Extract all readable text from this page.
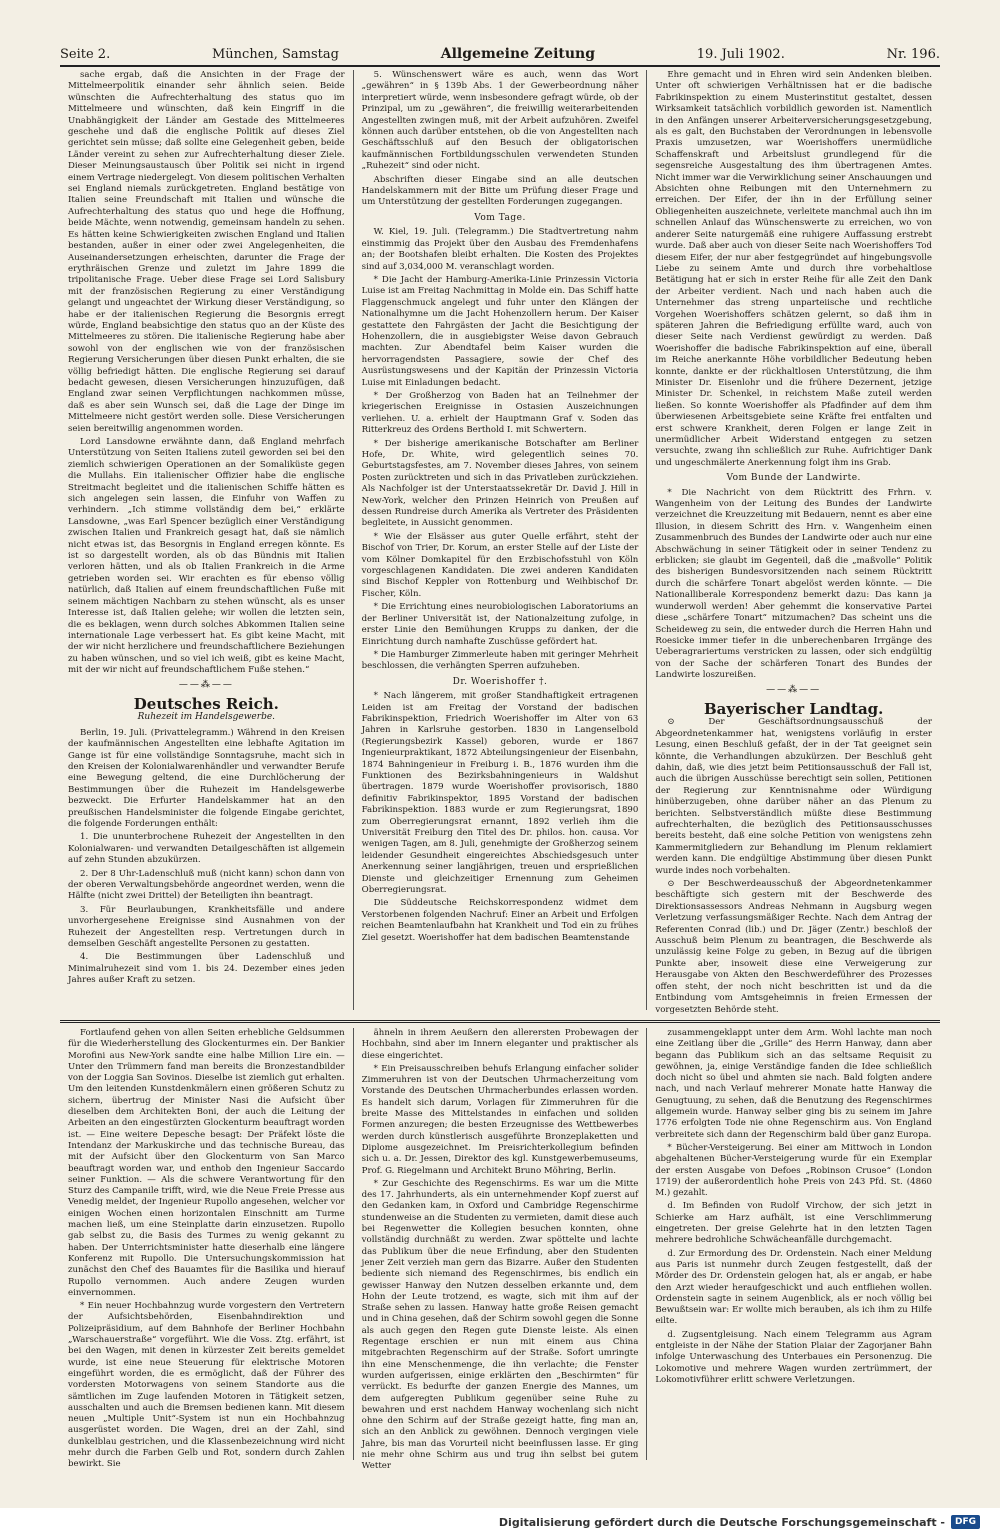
Seite 2.	München, Samstag	Allgemeine Zeitung	19. Juli 1902.	Nr. 196.

sache ergab, daß die Ansichten in der Frage der Mittelmeerpolitik einander sehr ähnlich seien. Beide wünschten die Aufrechterhaltung des status quo im Mittelmeere und wünschten, daß kein Eingriff in die Unabhängigkeit der Länder am Gestade des Mittelmeeres geschehe und daß die englische Politik auf dieses Ziel gerichtet sein müsse; daß sollte eine Gelegenheit geben, beide Länder vereint zu sehen zur Aufrechterhaltung dieser Ziele. Dieser Meinungsaustausch über Politik sei nicht in irgend einem Vertrage niedergelegt. Von diesem politischen Verhalten sei England niemals zurückgetreten. England bestätige von Italien seine Freundschaft mit Italien und wünsche die Aufrechterhaltung des status quo und hege die Hoffnung, beide Mächte, wenn notwendig, gemeinsam handeln zu sehen. Es hätten keine Schwierigkeiten zwischen England und Italien bestanden, außer in einer oder zwei Angelegenheiten, die Auseinandersetzungen erheischten, darunter die Frage der erythräischen Grenze und zuletzt im Jahre 1899 die tripolitanische Frage. Ueber diese Frage sei Lord Salisbury mit der französischen Regierung zu einer Verständigung gelangt und ungeachtet der Wirkung dieser Verständigung, so habe er der italienischen Regierung die Besorgnis erregt würde, England beabsichtige den status quo an der Küste des Mittelmeeres zu stören. Die italienische Regierung habe aber sowohl von der englischen wie von der französischen Regierung Versicherungen über diesen Punkt erhalten, die sie völlig befriedigt hätten. Die englische Regierung sei darauf bedacht gewesen, diesen Versicherungen hinzuzufügen, daß England zwar seinen Verpflichtungen nachkommen müsse, daß es aber sein Wunsch sei, daß die Lage der Dinge im Mittelmeere nicht gestört werden solle. Diese Versicherungen seien bereitwillig angenommen worden.

Lord Lansdowne erwähnte dann, daß England mehrfach Unterstützung von Seiten Italiens zuteil geworden sei bei den ziemlich schwierigen Operationen an der Somaliküste gegen die Mullahs. Ein italienischer Offizier habe die englische Streitmacht begleitet und die italienischen Schiffe hätten es sich angelegen sein lassen, die Einfuhr von Waffen zu verhindern. „Ich stimme vollständig dem bei,“ erklärte Lansdowne, „was Earl Spencer bezüglich einer Verständigung zwischen Italien und Frankreich gesagt hat, daß sie nämlich nicht etwas ist, das Besorgnis in England erregen könnte. Es ist so dargestellt worden, als ob das Bündnis mit Italien verloren hätten, und als ob Italien Frankreich in die Arme getrieben worden sei. Wir erachten es für ebenso völlig natürlich, daß Italien auf einem freundschaftlichen Fuße mit seinem mächtigen Nachbarn zu stehen wünscht, als es unser Interesse ist, daß Italien gelehe; wir wollen die letzten sein, die es beklagen, wenn durch solches Abkommen Italien seine internationale Lage verbessert hat. Es gibt keine Macht, mit der wir nicht herzlichere und freundschaftlichere Beziehungen zu haben wünschen, und so viel ich weiß, gibt es keine Macht, mit der wir nicht auf freundschaftlichem Fuße stehen.“

——⁂——
Deutsches Reich.
Ruhezeit im Handelsgewerbe.

Berlin, 19. Juli. (Privattelegramm.) Während in den Kreisen der kaufmännischen Angestellten eine lebhafte Agitation im Gange ist für eine vollständige Sonntagsruhe, macht sich in den Kreisen der Kolonialwarenhändler und verwandter Berufe eine Bewegung geltend, die eine Durchlöcherung der Bestimmungen über die Ruhezeit im Handelsgewerbe bezweckt. Die Erfurter Handelskammer hat an den preußischen Handelsminister die folgende Eingabe gerichtet, die folgende Forderungen enthält:

1. Die ununterbrochene Ruhezeit der Angestellten in den Kolonialwaren- und verwandten Detailgeschäften ist allgemein auf zehn Stunden abzukürzen.

2. Der 8 Uhr-Ladenschluß muß (nicht kann) schon dann von der oberen Verwaltungsbehörde angeordnet werden, wenn die Hälfte (nicht zwei Drittel) der Beteiligten ihn beantragt.

3. Für Beurlaubungen, Krankheitsfälle und andere unvorhergesehene Ereignisse sind Ausnahmen von der Ruhezeit der Angestellten resp. Vertretungen durch in demselben Geschäft angestellte Personen zu gestatten.

4. Die Bestimmungen über Ladenschluß und Minimalruhezeit sind vom 1. bis 24. Dezember eines jeden Jahres außer Kraft zu setzen.

5. Wünschenswert wäre es auch, wenn das Wort „gewähren“ in § 139b Abs. 1 der Gewerbeordnung näher interpretiert würde, wenn insbesondere gefragt würde, ob der Prinzipal, um zu „gewähren“, die freiwillig weiterarbeitenden Angestellten zwingen muß, mit der Arbeit aufzuhören. Zweifel können auch darüber entstehen, ob die von Angestellten nach Geschäftsschluß auf den Besuch der obligatorischen kaufmännischen Fortbildungsschulen verwendeten Stunden „Ruhezeit“ sind oder nicht.

Abschriften dieser Eingabe sind an alle deutschen Handelskammern mit der Bitte um Prüfung dieser Frage und um Unterstützung der gestellten Forderungen zugegangen.

Vom Tage.

W. Kiel, 19. Juli. (Telegramm.) Die Stadtvertretung nahm einstimmig das Projekt über den Ausbau des Fremdenhafens an; der Bootshafen bleibt erhalten. Die Kosten des Projektes sind auf 3,034,000 M. veranschlagt worden.

* Die Jacht der Hamburg-Amerika-Linie Prinzessin Victoria Luise ist am Freitag Nachmittag in Molde ein. Das Schiff hatte Flaggenschmuck angelegt und fuhr unter den Klängen der Nationalhymne um die Jacht Hohenzollern herum. Der Kaiser gestattete den Fahrgästen der Jacht die Besichtigung der Hohenzollern, die in ausgiebigster Weise davon Gebrauch machten. Zur Abendtafel beim Kaiser wurden die hervorragendsten Passagiere, sowie der Chef des Ausrüstungswesens und der Kapitän der Prinzessin Victoria Luise mit Einladungen bedacht.

* Der Großherzog von Baden hat an Teilnehmer der kriegerischen Ereignisse in Ostasien Auszeichnungen verliehen. U. a. erhielt der Hauptmann Graf v. Soden das Ritterkreuz des Ordens Berthold I. mit Schwertern.

* Der bisherige amerikanische Botschafter am Berliner Hofe, Dr. White, wird gelegentlich seines 70. Geburtstagsfestes, am 7. November dieses Jahres, von seinem Posten zurücktreten und sich in das Privatleben zurückziehen. Als Nachfolger ist der Unterstaatssekretär Dr. David J. Hill in New-York, welcher den Prinzen Heinrich von Preußen auf dessen Rundreise durch Amerika als Vertreter des Präsidenten begleitete, in Aussicht genommen.

* Wie der Elsässer aus guter Quelle erfährt, steht der Bischof von Trier, Dr. Korum, an erster Stelle auf der Liste der vom Kölner Domkapitel für den Erzbischofsstuhl von Köln vorgeschlagenen Kandidaten. Die zwei anderen Kandidaten sind Bischof Keppler von Rottenburg und Weihbischof Dr. Fischer, Köln.

* Die Errichtung eines neurobiologischen Laboratoriums an der Berliner Universität ist, der Nationalzeitung zufolge, in erster Linie den Bemühungen Krupps zu danken, der die Einrichtung durch namhafte Zuschüsse gefördert hat.

* Die Hamburger Zimmerleute haben mit geringer Mehrheit beschlossen, die verhängten Sperren aufzuheben.

Dr. Woerishoffer †.

* Nach längerem, mit großer Standhaftigkeit ertragenen Leiden ist am Freitag der Vorstand der badischen Fabrikinspektion, Friedrich Woerishoffer im Alter von 63 Jahren in Karlsruhe gestorben. 1830 in Langenselbold (Regierungsbezirk Kassel) geboren, wurde er 1867 Ingenieurpraktikant, 1872 Abteilungsingenieur der Eisenbahn, 1874 Bahningenieur in Freiburg i. B., 1876 wurden ihm die Funktionen des Bezirksbahningenieurs in Waldshut übertragen. 1879 wurde Woerishoffer provisorisch, 1880 definitiv Fabrikinspektor, 1895 Vorstand der badischen Fabrikinspektion. 1883 wurde er zum Regierungsrat, 1890 zum Oberregierungsrat ernannt, 1892 verlieh ihm die Universität Freiburg den Titel des Dr. philos. hon. causa. Vor wenigen Tagen, am 8. Juli, genehmigte der Großherzog seinem leidender Gesundheit eingereichtes Abschiedsgesuch unter Anerkennung seiner langjährigen, treuen und ersprießlichen Dienste und gleichzeitiger Ernennung zum Geheimen Oberregierungsrat.

Die Süddeutsche Reichskorrespondenz widmet dem Verstorbenen folgenden Nachruf: Einer an Arbeit und Erfolgen reichen Beamtenlaufbahn hat Krankheit und Tod ein zu frühes Ziel gesetzt. Woerishoffer hat dem badischen Beamtenstande

Ehre gemacht und in Ehren wird sein Andenken bleiben. Unter oft schwierigen Verhältnissen hat er die badische Fabrikinspektion zu einem Musterinstitut gestaltet, dessen Wirksamkeit tatsächlich vorbildlich geworden ist. Namentlich in den Anfängen unserer Arbeiterversicherungsgesetzgebung, als es galt, den Buchstaben der Verordnungen in lebensvolle Praxis umzusetzen, war Woerishoffers unermüdliche Schaffenskraft und Arbeitslust grundlegend für die segensreiche Ausgestaltung des ihm übertragenen Amtes. Nicht immer war die Verwirklichung seiner Anschauungen und Absichten ohne Reibungen mit den Unternehmern zu erreichen. Der Eifer, der ihn in der Erfüllung seiner Obliegenheiten auszeichnete, verleitete manchmal auch ihn im schnellen Anlauf das Wünschenswerte zu erreichen, wo von anderer Seite naturgemäß eine ruhigere Auffassung erstrebt wurde. Daß aber auch von dieser Seite nach Woerishoffers Tod diesem Eifer, der nur aber festgegründet auf hingebungsvolle Liebe zu seinem Amte und durch ihre vorbehaltlose Betätigung hat er sich in erster Reihe für alle Zeit den Dank der Arbeiter verdient. Nach und nach haben auch die Unternehmer das streng unparteiische und rechtliche Vorgehen Woerishoffers schätzen gelernt, so daß ihm in späteren Jahren die Befriedigung erfüllte ward, auch von dieser Seite nach Verdienst gewürdigt zu werden. Daß Woerishoffer die badische Fabrikinspektion auf eine, überall im Reiche anerkannte Höhe vorbildlicher Bedeutung heben konnte, dankte er der rückhaltlosen Unterstützung, die ihm Minister Dr. Eisenlohr und die frühere Dezernent, jetzige Minister Dr. Schenkel, in reichstem Maße zuteil werden ließen. So konnte Woerishoffer als Pfadfinder auf dem ihm überwiesenen Arbeitsgebiete seine Kräfte frei entfalten und erst schwere Krankheit, deren Folgen er lange Zeit in unermüdlicher Arbeit Widerstand entgegen zu setzen versuchte, zwang ihn schließlich zur Ruhe. Aufrichtiger Dank und ungeschmälerte Anerkennung folgt ihm ins Grab.

Vom Bunde der Landwirte.

* Die Nachricht von dem Rücktritt des Frhrn. v. Wangenheim von der Leitung des Bundes der Landwirte verzeichnet die Kreuzzeitung mit Bedauern, nennt es aber eine Illusion, in diesem Schritt des Hrn. v. Wangenheim einen Zusammenbruch des Bundes der Landwirte oder auch nur eine Abschwächung in seiner Tätigkeit oder in seiner Tendenz zu erblicken; sie glaubt im Gegenteil, daß die „maßvolle“ Politik des bisherigen Bundesvorsitzenden nach seinem Rücktritt durch die schärfere Tonart abgelöst werden könnte. — Die Nationalliberale Korrespondenz bemerkt dazu: Das kann ja wunderwoll werden! Aber gehemmt die konservative Partei diese „schärfere Tonart“ mitzumachen? Das scheint uns die Scheideweg zu sein, die entweder durch die Herren Hahn und Roesicke immer tiefer in die unberechenbaren Irrgänge des Ueberagrariertums verstricken zu lassen, oder sich endgültig von der Sache der schärferen Tonart des Bundes der Landwirte loszureißen.

——⁂——
Bayerischer Landtag.

⊙ Der Geschäftsordnungsausschuß der Abgeordnetenkammer hat, wenigstens vorläufig in erster Lesung, einen Beschluß gefaßt, der in der Tat geeignet sein könnte, die Verhandlungen abzukürzen. Der Beschluß geht dahin, daß, wie dies jetzt beim Petitionsausschuß der Fall ist, auch die übrigen Ausschüsse berechtigt sein sollen, Petitionen der Regierung zur Kenntnisnahme oder Würdigung hinüberzugeben, ohne darüber näher an das Plenum zu berichten. Selbstverständlich müßte diese Bestimmung aufrechterhalten, die bezüglich des Petitionsausschusses bereits besteht, daß eine solche Petition von wenigstens zehn Kammermitgliedern zur Behandlung im Plenum reklamiert werden kann. Die endgültige Abstimmung über diesen Punkt wurde indes noch vorbehalten.

⊙ Der Beschwerdeausschuß der Abgeordnetenkammer beschäftigte sich gestern mit der Beschwerde des Direktionsassessors Andreas Nehmann in Augsburg wegen Verletzung verfassungsmäßiger Rechte. Nach dem Antrag der Referenten Conrad (lib.) und Dr. Jäger (Zentr.) beschloß der Ausschuß beim Plenum zu beantragen, die Beschwerde als unzulässig keine Folge zu geben, in Bezug auf die übrigen Punkte aber, insoweit diese eine Verweigerung zur Herausgabe von Akten den Beschwerdeführer des Prozesses offen steht, der noch nicht beschritten ist und da die Entbindung vom Amtsgeheimnis in freien Ermessen der vorgesetzten Behörde steht.

Fortlaufend gehen von allen Seiten erhebliche Geldsummen für die Wiederherstellung des Glockenturmes ein. Der Bankier Morofini aus New-York sandte eine halbe Million Lire ein. — Unter den Trümmern fand man bereits die Bronzestandbilder von der Loggia San Sovinos. Dieselbe ist ziemlich gut erhalten. Um den leitenden Kunstdenkmälern einen größeren Schutz zu sichern, übertrug der Minister Nasi die Aufsicht über dieselben dem Architekten Boni, der auch die Leitung der Arbeiten an den eingestürzten Glockenturm beauftragt worden ist. — Eine weitere Depesche besagt: Der Präfekt löste die Intendanz der Markuskirche und das technische Bureau, das mit der Aufsicht über den Glockenturm von San Marco beauftragt worden war, und enthob den Ingenieur Saccardo seiner Funktion. — Als die schwere Verantwortung für den Sturz des Campanile trifft, wird, wie die Neue Freie Presse aus Venedig meldet, der Ingenieur Rupollo angesehen, welcher vor einigen Wochen einen horizontalen Einschnitt am Turme machen ließ, um eine Steinplatte darin einzusetzen. Rupollo gab selbst zu, die Basis des Turmes zu wenig gekannt zu haben. Der Unterrichtsminister hatte dieserhalb eine längere Konferenz mit Rupollo. Die Untersuchungskommission hat zunächst den Chef des Bauamtes für die Basilika und hierauf Rupollo vernommen. Auch andere Zeugen wurden einvernommen.

* Ein neuer Hochbahnzug wurde vorgestern den Vertretern der Aufsichtsbehörden, Eisenbahndirektion und Polizeipräsidium, auf dem Bahnhofe der Berliner Hochbahn „Warschauerstraße“ vorgeführt. Wie die Voss. Ztg. erfährt, ist bei den Wagen, mit denen in kürzester Zeit bereits gemeldet wurde, ist eine neue Steuerung für elektrische Motoren eingeführt worden, die es ermöglicht, daß der Führer des vordersten Motorwagens von seinem Standorte aus die sämtlichen im Zuge laufenden Motoren in Tätigkeit setzen, ausschalten und auch die Bremsen bedienen kann. Mit diesem neuen „Multiple Unit“-System ist nun ein Hochbahnzug ausgerüstet worden. Die Wagen, drei an der Zahl, sind dunkelblau gestrichen, und die Klassenbezeichnung wird nicht mehr durch die Farben Gelb und Rot, sondern durch Zahlen bewirkt. Sie

ähneln in ihrem Aeußern den allerersten Probewagen der Hochbahn, sind aber im Innern eleganter und praktischer als diese eingerichtet.

* Ein Preisausschreiben behufs Erlangung einfacher solider Zimmeruhren ist von der Deutschen Uhrmacherzeitung vom Vorstande des Deutschen Uhrmacherbundes erlassen worden. Es handelt sich darum, Vorlagen für Zimmeruhren für die breite Masse des Mittelstandes in einfachen und soliden Formen anzuregen; die besten Erzeugnisse des Wettbewerbes werden durch künstlerisch ausgeführte Bronzeplaketten und Diplome ausgezeichnet. Im Preisrichterkollegium befinden sich u. a. Dr. Jessen, Direktor des kgl. Kunstgewerbemuseums, Prof. G. Riegelmann und Architekt Bruno Möhring, Berlin.

* Zur Geschichte des Regenschirms. Es war um die Mitte des 17. Jahrhunderts, als ein unternehmender Kopf zuerst auf den Gedanken kam, in Oxford und Cambridge Regenschirme stundenweise an die Studenten zu vermieten, damit diese auch bei Regenwetter die Kollegien besuchen konnten, ohne vollständig durchnäßt zu werden. Zwar spöttelte und lachte das Publikum über die neue Erfindung, aber den Studenten jener Zeit verzieh man gern das Bizarre. Außer den Studenten bediente sich niemand des Regenschirmes, bis endlich ein gewisser Hanway den Nutzen desselben erkannte und, dem Hohn der Leute trotzend, es wagte, sich mit ihm auf der Straße sehen zu lassen. Hanway hatte große Reisen gemacht und in China gesehen, daß der Schirm sowohl gegen die Sonne als auch gegen den Regen gute Dienste leiste. Als einen Regentage erschien er nun mit einem aus China mitgebrachten Regenschirm auf der Straße. Sofort umringte ihn eine Menschenmenge, die ihn verlachte; die Fenster wurden aufgerissen, einige erklärten den „Beschirmten“ für verrückt. Es bedurfte der ganzen Energie des Mannes, um dem aufgeregten Publikum gegenüber seine Ruhe zu bewahren und erst nachdem Hanway wochenlang sich nicht ohne den Schirm auf der Straße gezeigt hatte, fing man an, sich an den Anblick zu gewöhnen. Dennoch vergingen viele Jahre, bis man das Vorurteil nicht beeinflussen lasse. Er ging nie mehr ohne Schirm aus und trug ihn selbst bei gutem Wetter

zusammengeklappt unter dem Arm. Wohl lachte man noch eine Zeitlang über die „Grille“ des Herrn Hanway, dann aber begann das Publikum sich an das seltsame Requisit zu gewöhnen, ja, einige Verständige fanden die Idee schließlich doch nicht so übel und ahmten sie nach. Bald folgten andere nach, und nach Verlauf mehrerer Monate hatte Hanway die Genugtuung, zu sehen, daß die Benutzung des Regenschirmes allgemein wurde. Hanway selber ging bis zu seinem im Jahre 1776 erfolgten Tode nie ohne Regenschirm aus. Von England verbreitete sich dann der Regenschirm bald über ganz Europa.

* Bücher-Versteigerung. Bei einer am Mittwoch in London abgehaltenen Bücher-Versteigerung wurde für ein Exemplar der ersten Ausgabe von Defoes „Robinson Crusoe“ (London 1719) der außerordentlich hohe Preis von 243 Pfd. St. (4860 M.) gezahlt.

d. Im Befinden von Rudolf Virchow, der sich jetzt in Schierke am Harz aufhält, ist eine Verschlimmerung eingetreten. Der greise Gelehrte hat in den letzten Tagen mehrere bedrohliche Schwächeanfälle durchgemacht.

d. Zur Ermordung des Dr. Ordenstein. Nach einer Meldung aus Paris ist nunmehr durch Zeugen festgestellt, daß der Mörder des Dr. Ordenstein gelogen hat, als er angab, er habe den Arzt wieder heraufgeschickt und auch entfliehen wollen. Ordenstein sagte in seinem Augenblick, als er noch völlig bei Bewußtsein war: Er wollte mich berauben, als ich ihm zu Hilfe eilte.

d. Zugsentgleisung. Nach einem Telegramm aus Agram entgleiste in der Nähe der Station Plaiar der Zagorjaner Bahn infolge Unterwaschung des Unterbaues ein Personenzug. Die Lokomotive und mehrere Wagen wurden zertrümmert, der Lokomotivführer erlitt schwere Verletzungen.

Digitalisierung gefördert durch die Deutsche Forschungsgemeinschaft -	DFG
